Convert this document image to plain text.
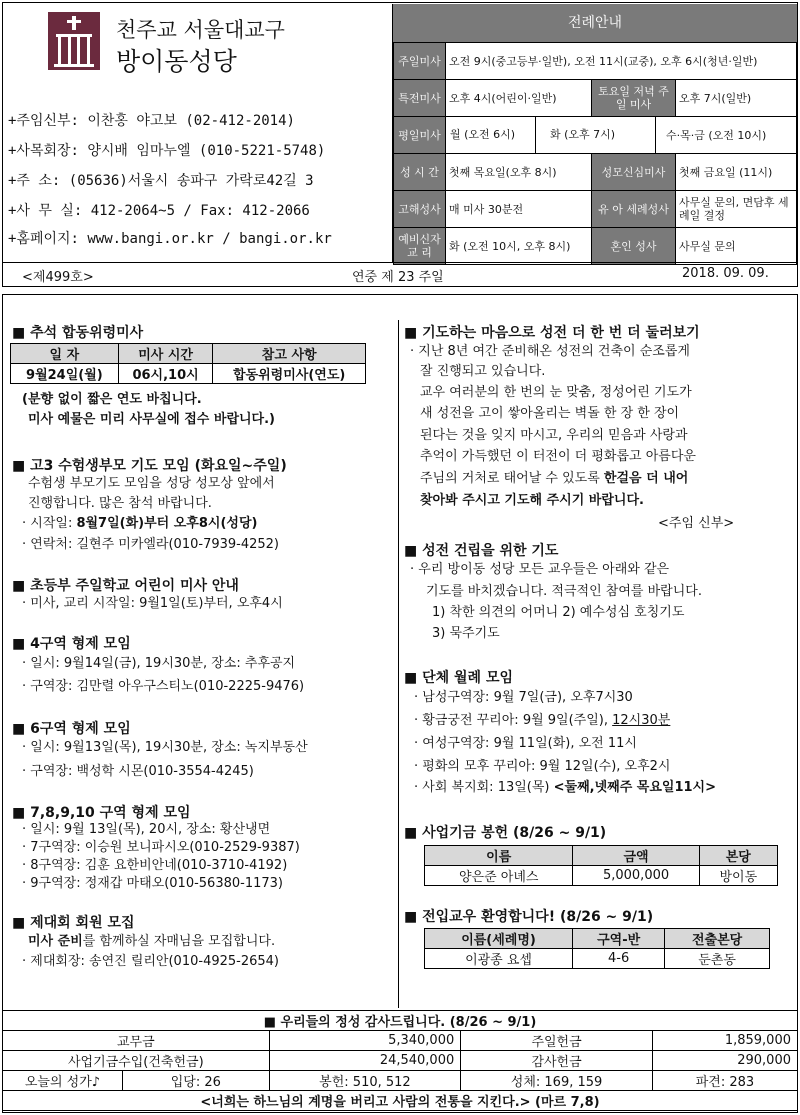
천주교 서울대교구
방이동성당
+주임신부: 이찬홍 야고보 (02-412-2014)
+사목회장: 양시배 임마누엘 (010-5221-5748)
+주 소: (05636)서울시 송파구 가락로42길 3
+사 무 실: 412-2064~5 / Fax: 412-2066
+홈페이지: www.bangi.or.kr / bangi.or.kr
전례안내
주일미사	오전 9시(중고등부·일반), 오전 11시(교중), 오후 6시(청년·일반)		
특전미사	오후 4시(어린이·일반)	토요일 저녁 주일 미사	오후 7시(일반)
평일미사	월 (오전 6시) 화 (오후 7시) 수·목·금 (오전 10시)		

성 시 간	첫째 목요일(오후 8시)	성모신심미사	첫째 금요일 (11시)
고해성사	매 미사 30분전	유 아 세례성사	사무실 문의, 면담후 세례일 결정
예비신자 교 리	화 (오전 10시, 오후 8시)	혼인 성사	사무실 문의
<제499호>	연중 제 23 주일	2018. 09. 09.
■ 추석 합동위령미사
일 자	미사 시간	참고 사항
9월24일(월)	06시,10시	합동위령미사(연도)
(분향 없이 짧은 연도 바칩니다.
미사 예물은 미리 사무실에 접수 바랍니다.)
■ 고3 수험생부모 기도 모임 (화요일~주일)
수험생 부모기도 모임을 성당 성모상 앞에서
진행합니다. 많은 참석 바랍니다.
· 시작일: 8월7일(화)부터 오후8시(성당)
· 연락처: 길현주 미카엘라(010-7939-4252)
■ 초등부 주일학교 어린이 미사 안내
· 미사, 교리 시작일: 9월1일(토)부터, 오후4시
■ 4구역 형제 모임
· 일시: 9월14일(금), 19시30분, 장소: 추후공지
· 구역장: 김만렬 아우구스티노(010-2225-9476)
■ 6구역 형제 모임
· 일시: 9월13일(목), 19시30분, 장소: 녹지부동산
· 구역장: 백성학 시몬(010-3554-4245)
■ 7,8,9,10 구역 형제 모임
· 일시: 9월 13일(목), 20시, 장소: 황산냉면
· 7구역장: 이승원 보니파시오(010-2529-9387)
· 8구역장: 김훈 요한비안네(010-3710-4192)
· 9구역장: 정재갑 마태오(010-56380-1173)
■ 제대회 회원 모집
미사 준비를 함께하실 자매님을 모집합니다.
· 제대회장: 송연진 릴리안(010-4925-2654)
■ 기도하는 마음으로 성전 더 한 번 더 둘러보기
· 지난 8년 여간 준비해온 성전의 건축이 순조롭게
잘 진행되고 있습니다.
교우 여러분의 한 번의 눈 맞춤, 정성어린 기도가
새 성전을 고이 쌓아올리는 벽돌 한 장 한 장이
된다는 것을 잊지 마시고, 우리의 믿음과 사랑과
추억이 가득했던 이 터전이 더 평화롭고 아름다운
주님의 거처로 태어날 수 있도록 한걸음 더 내어
찾아봐 주시고 기도해 주시기 바랍니다.
<주임 신부>
■ 성전 건립을 위한 기도
· 우리 방이동 성당 모든 교우들은 아래와 같은
기도를 바치겠습니다. 적극적인 참여를 바랍니다.
1) 착한 의견의 어머니 2) 예수성심 호칭기도
3) 묵주기도
■ 단체 월례 모임
· 남성구역장: 9월 7일(금), 오후7시30
· 황금궁전 꾸리아: 9월 9일(주일), 12시30분
· 여성구역장: 9월 11일(화), 오전 11시
· 평화의 모후 꾸리아: 9월 12일(수), 오후2시
· 사회 복지회: 13일(목) <둘째,넷째주 목요일11시>
■ 사업기금 봉헌 (8/26 ~ 9/1)
이름	금액	본당
양은준 아녜스	5,000,000	방이동
■ 전입교우 환영합니다! (8/26 ~ 9/1)
이름(세례명)	구역-반	전출본당
이광종 요셉	4-6	둔촌동
■ 우리들의 정성 감사드립니다. (8/26 ~ 9/1)				
교무금		5,340,000	주일헌금	1,859,000
사업기금수입(건축헌금)		24,540,000	감사헌금	290,000
오늘의 성가♪	입당: 26	봉헌: 510, 512	성체: 169, 159	파견: 283
<너희는 하느님의 계명을 버리고 사람의 전통을 지킨다.> (마르 7,8)				
